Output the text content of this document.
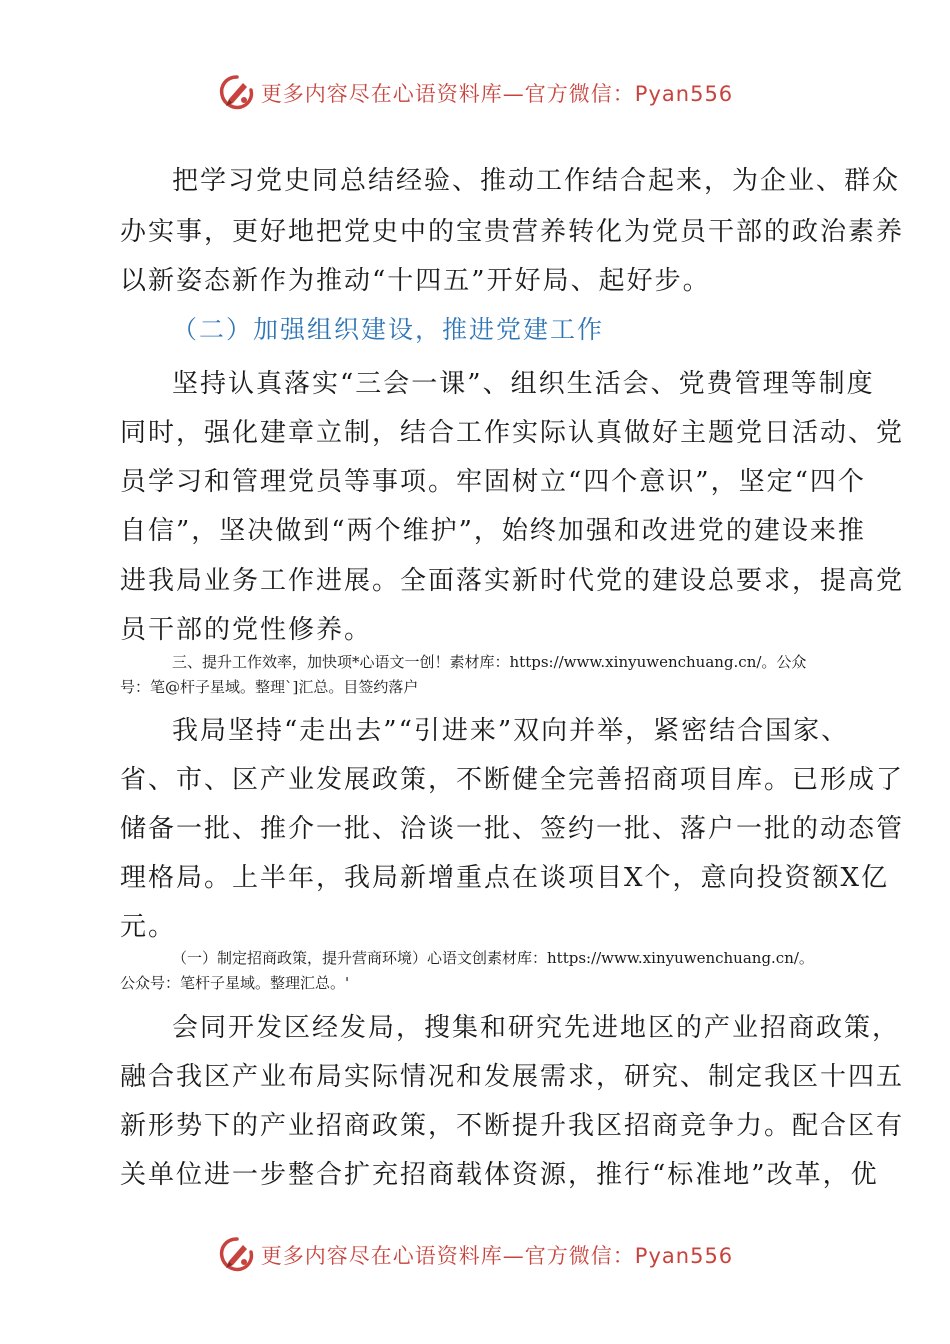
更多内容尽在心语资料库—官方微信：Pyan556
把学习党史同总结经验、推动工作结合起来，为企业、群众
办实事，更好地把党史中的宝贵营养转化为党员干部的政治素养
以新姿态新作为推动“十四五”开好局、起好步。
（二）加强组织建设，推进党建工作
坚持认真落实“三会一课”、组织生活会、党费管理等制度
同时，强化建章立制，结合工作实际认真做好主题党日活动、党
员学习和管理党员等事项。牢固树立“四个意识”，坚定“四个
自信”，坚决做到“两个维护”，始终加强和改进党的建设来推
进我局业务工作进展。全面落实新时代党的建设总要求，提高党
员干部的党性修养。
三、提升工作效率，加快项*心语文一创！素材库：https://www.xinyuwenchuang.cn/。公众
号：笔@杆子星域。整理`]汇总。目签约落户
我局坚持“走出去”“引进来”双向并举，紧密结合国家、
省、市、区产业发展政策，不断健全完善招商项目库。已形成了
储备一批、推介一批、洽谈一批、签约一批、落户一批的动态管
理格局。上半年，我局新增重点在谈项目X个，意向投资额X亿
元。
（一）制定招商政策，提升营商环境）心语文创素材库：https://www.xinyuwenchuang.cn/。
公众号：笔杆子星域。整理汇总。'
会同开发区经发局，搜集和研究先进地区的产业招商政策，
融合我区产业布局实际情况和发展需求，研究、制定我区十四五
新形势下的产业招商政策，不断提升我区招商竞争力。配合区有
关单位进一步整合扩充招商载体资源，推行“标准地”改革，优
更多内容尽在心语资料库—官方微信：Pyan556
